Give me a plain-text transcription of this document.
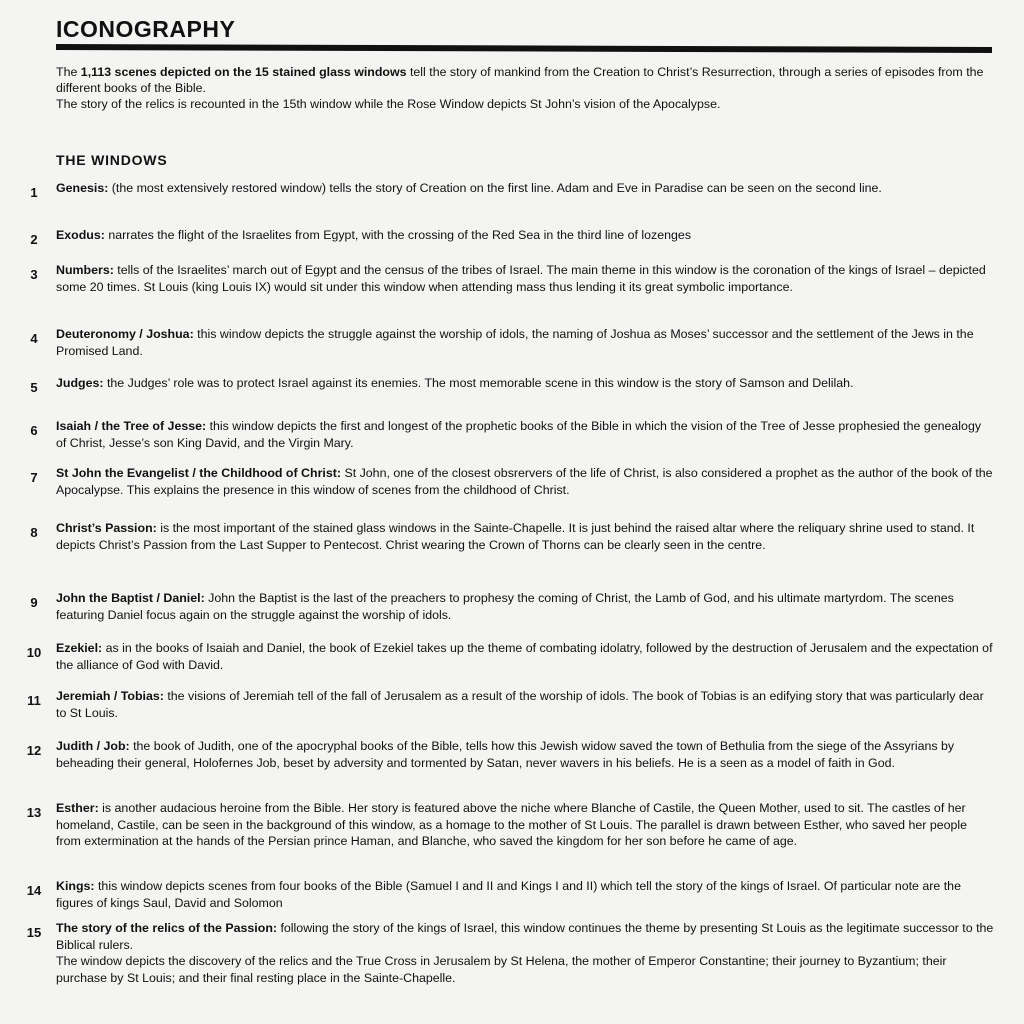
ICONOGRAPHY

The 1,113 scenes depicted on the 15 stained glass windows tell the story of mankind from the Creation to Christ’s Resurrection, through a series of episodes from the different books of the Bible.

The story of the relics is recounted in the 15th window while the Rose Window depicts St John’s vision of the Apocalypse.

THE WINDOWS
1	Genesis: (the most extensively restored window) tells the story of Creation on the first line. Adam and Eve in Paradise can be seen on the second line.

2	Exodus: narrates the flight of the Israelites from Egypt, with the crossing of the Red Sea in the third line of lozenges

3	Numbers: tells of the Israelites’ march out of Egypt and the census of the tribes of Israel. The main theme in this window is the coronation of the kings of Israel – depicted some 20 times. St Louis (king Louis IX) would sit under this window when attending mass thus lending it its great symbolic importance.

4	Deuteronomy / Joshua: this window depicts the struggle against the worship of idols, the naming of Joshua as Moses’ successor and the settlement of the Jews in the Promised Land.

5	Judges: the Judges’ role was to protect Israel against its enemies. The most memorable scene in this window is the story of Samson and Delilah.

6	Isaiah / the Tree of Jesse: this window depicts the first and longest of the prophetic books of the Bible in which the vision of the Tree of Jesse prophesied the genealogy of Christ, Jesse’s son King David, and the Virgin Mary.

7	St John the Evangelist / the Childhood of Christ: St John, one of the closest obsrervers of the life of Christ, is also considered a prophet as the author of the book of the Apocalypse. This explains the presence in this window of scenes from the childhood of Christ.

8	Christ’s Passion: is the most important of the stained glass windows in the Sainte-Chapelle. It is just behind the raised altar where the reliquary shrine used to stand. It depicts Christ’s Passion from the Last Supper to Pentecost. Christ wearing the Crown of Thorns can be clearly seen in the centre.

9	John the Baptist / Daniel: John the Baptist is the last of the preachers to prophesy the coming of Christ, the Lamb of God, and his ultimate martyrdom. The scenes featuring Daniel focus again on the struggle against the worship of idols.

10	Ezekiel: as in the books of Isaiah and Daniel, the book of Ezekiel takes up the theme of combating idolatry, followed by the destruction of Jerusalem and the expectation of the alliance of God with David.

11	Jeremiah / Tobias: the visions of Jeremiah tell of the fall of Jerusalem as a result of the worship of idols. The book of Tobias is an edifying story that was particularly dear to St Louis.

12	Judith / Job: the book of Judith, one of the apocryphal books of the Bible, tells how this Jewish widow saved the town of Bethulia from the siege of the Assyrians by beheading their general, Holofernes Job, beset by adversity and tormented by Satan, never wavers in his beliefs. He is a seen as a model of faith in God.

13	Esther: is another audacious heroine from the Bible. Her story is featured above the niche where Blanche of Castile, the Queen Mother, used to sit. The castles of her homeland, Castile, can be seen in the background of this window, as a homage to the mother of St Louis. The parallel is drawn between Esther, who saved her people from extermination at the hands of the Persian prince Haman, and Blanche, who saved the kingdom for her son before he came of age.

14	Kings: this window depicts scenes from four books of the Bible (Samuel I and II and Kings I and II) which tell the story of the kings of Israel. Of particular note are the figures of kings Saul, David and Solomon

15	The story of the relics of the Passion: following the story of the kings of Israel, this window continues the theme by presenting St Louis as the legitimate successor to the Biblical rulers.

The window depicts the discovery of the relics and the True Cross in Jerusalem by St Helena, the mother of Emperor Constantine; their journey to Byzantium; their purchase by St Louis; and their final resting place in the Sainte-Chapelle.
